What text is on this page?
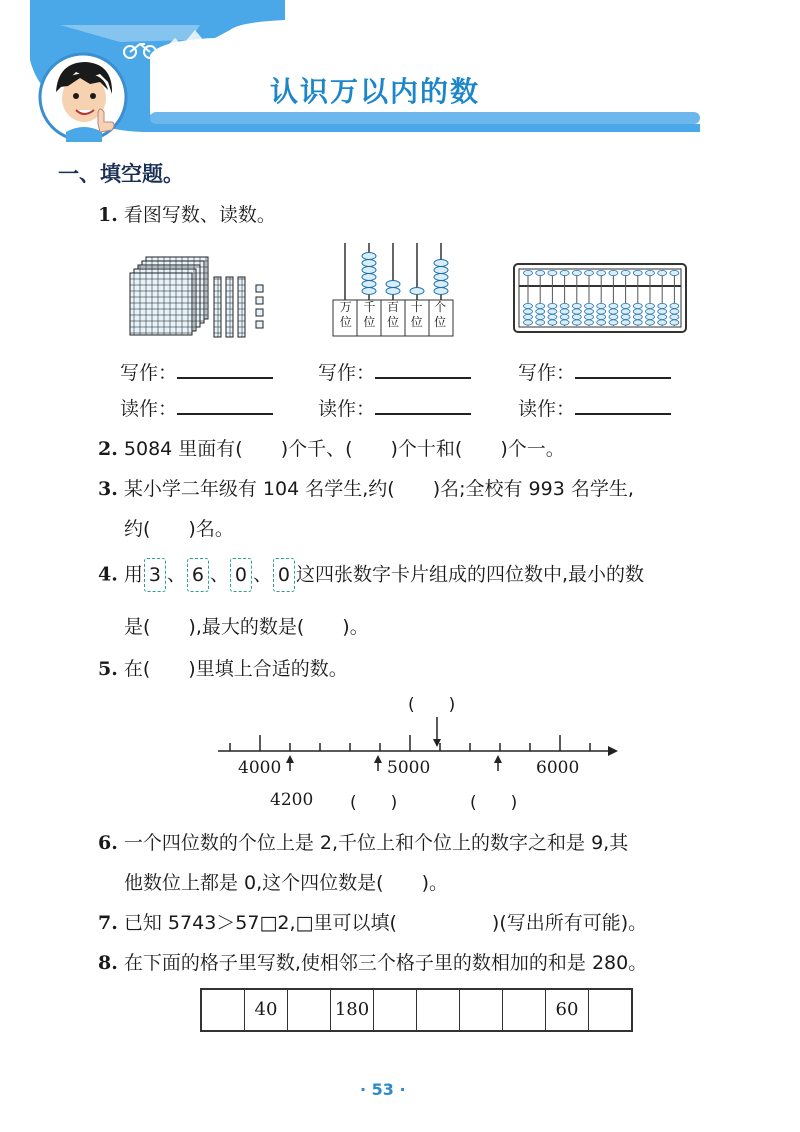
认识万以内的数
一、填空题。
1. 看图写数、读数。
万
位
千
位
百
位
十
位
个
位
写作：	写作：	写作：
读作：	读作：	读作：
2. 5084 里面有(　　)个千、(　　)个十和(　　)个一。
3. 某小学二年级有 104 名学生,约(　　)名;全校有 993 名学生,
约(　　)名。
4. 用 3 、 6 、 0 、 0 这四张数字卡片组成的四位数中,最小的数
是(　　),最大的数是(　　)。
5. 在(　　)里填上合适的数。
(　　)
4000	5000	6000
4200 (　　)	(　　)
6. 一个四位数的个位上是 2,千位上和个位上的数字之和是 9,其
他数位上都是 0,这个四位数是(　　)。
7. 已知 5743＞57□2,□里可以填(　　　　　)(写出所有可能)。
8. 在下面的格子里写数,使相邻三个格子里的数相加的和是 280。
40	180	60
· 53 ·
